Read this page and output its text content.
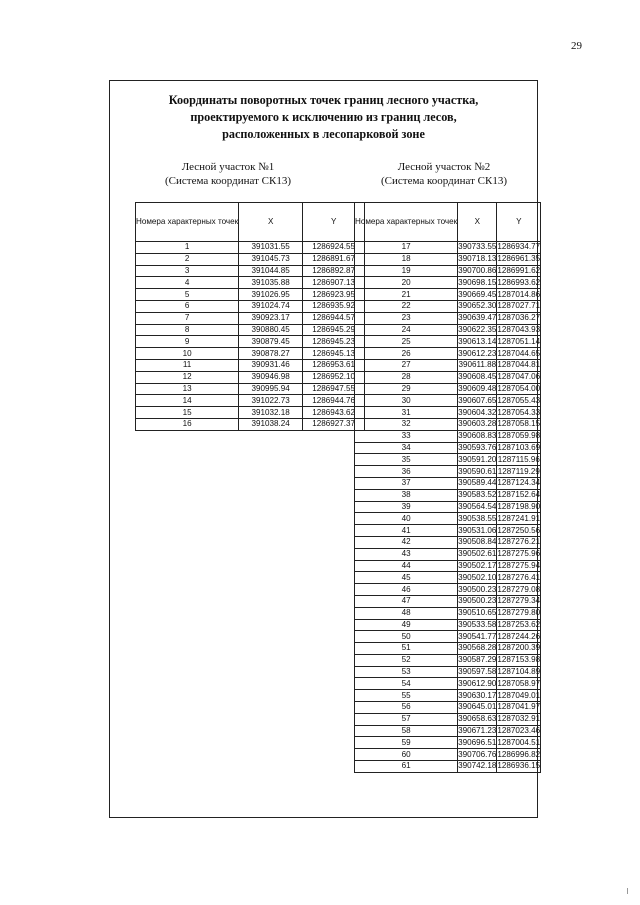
29
Координаты поворотных точек границ лесного участка,
проектируемого к исключению из границ лесов,
расположенных в лесопарковой зоне
Лесной участок №1
(Система координат СК13)
Лесной участок №2
(Система координат СК13)
Номера характерных точек	X	Y
1	391031.55	1286924.55
2	391045.73	1286891.67
3	391044.85	1286892.87
4	391035.88	1286907.13
5	391026.95	1286923.95
6	391024.74	1286935.92
7	390923.17	1286944.57
8	390880.45	1286945.29
9	390879.45	1286945.23
10	390878.27	1286945.13
11	390931.46	1286953.61
12	390946.98	1286952.10
13	390995.94	1286947.55
14	391022.73	1286944.76
15	391032.18	1286943.62
16	391038.24	1286927.37
Номера характерных точек	X	Y
17	390733.55	1286934.77
18	390718.13	1286961.35
19	390700.86	1286991.62
20	390698.15	1286993.62
21	390669.45	1287014.86
22	390652.30	1287027.71
23	390639.47	1287036.27
24	390622.35	1287043.93
25	390613.14	1287051.14
26	390612.23	1287044.65
27	390611.88	1287044.81
28	390608.45	1287047.06
29	390609.48	1287054.00
30	390607.65	1287055.43
31	390604.32	1287054.33
32	390603.28	1287058.15
33	390608.83	1287059.98
34	390593.76	1287103.69
35	390591.20	1287115.96
36	390590.61	1287119.29
37	390589.44	1287124.34
38	390583.52	1287152.64
39	390564.54	1287198.90
40	390538.55	1287241.91
41	390531.06	1287250.56
42	390508.84	1287276.21
43	390502.61	1287275.96
44	390502.17	1287275.94
45	390502.10	1287276.41
46	390500.23	1287279.08
47	390500.23	1287279.34
48	390510.65	1287279.80
49	390533.58	1287253.62
50	390541.77	1287244.26
51	390568.28	1287200.39
52	390587.29	1287153.98
53	390597.58	1287104.89
54	390612.90	1287058.97
55	390630.17	1287049.01
56	390645.01	1287041.97
57	390658.63	1287032.91
58	390671.23	1287023.46
59	390696.51	1287004.51
60	390706.76	1286996.82
61	390742.18	1286936.15
